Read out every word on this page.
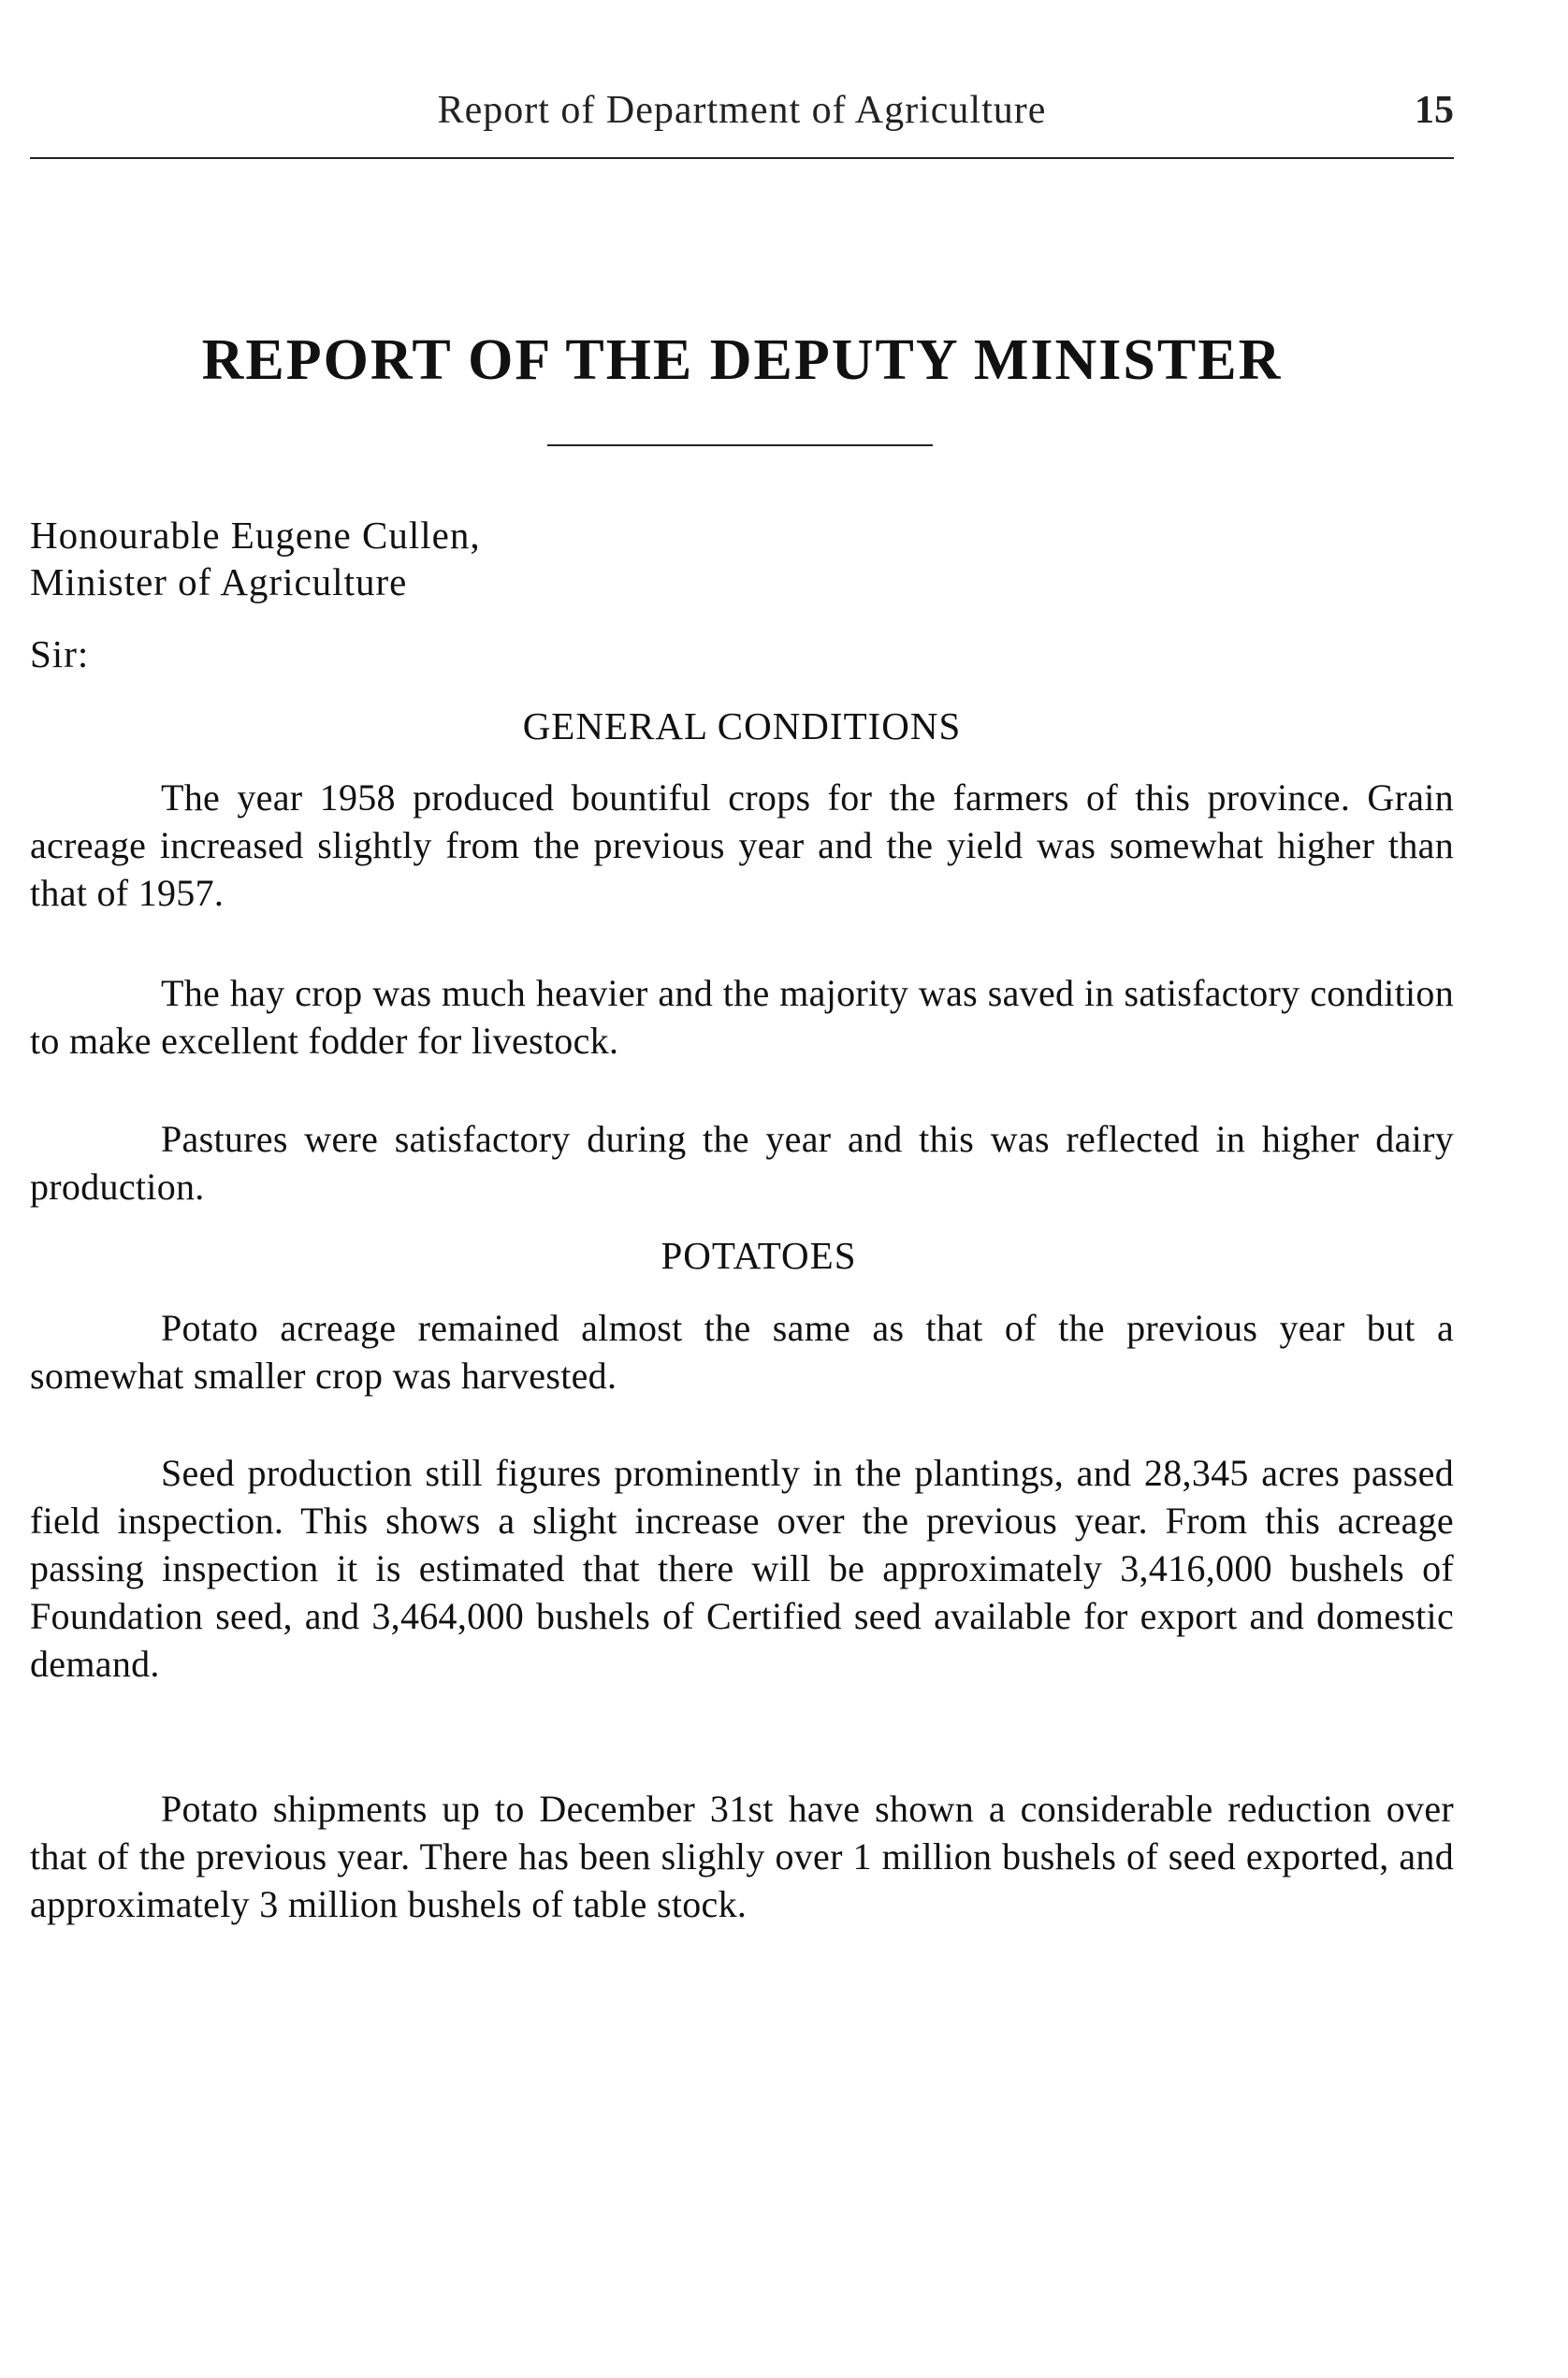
Report of Department of Agriculture	15
REPORT OF THE DEPUTY MINISTER
Honourable Eugene Cullen,
Minister of Agriculture
Sir:
GENERAL CONDITIONS

The year 1958 produced bountiful crops for the farmers of this province. Grain acreage increased slightly from the previous year and the yield was somewhat higher than that of 1957.

The hay crop was much heavier and the majority was saved in satisfactory condition to make excellent fodder for livestock.

Pastures were satisfactory during the year and this was reflected in higher dairy production.

POTATOES

Potato acreage remained almost the same as that of the previous year but a somewhat smaller crop was harvested.

Seed production still figures prominently in the plantings, and 28,345 acres passed field inspection. This shows a slight increase over the previous year. From this acreage passing inspection it is estimated that there will be approximately 3,416,000 bushels of Foundation seed, and 3,464,000 bushels of Certified seed available for export and domestic demand.

Potato shipments up to December 31st have shown a considerable reduction over that of the previous year. There has been slighly over 1 million bushels of seed exported, and approximately 3 million bushels of table stock.
